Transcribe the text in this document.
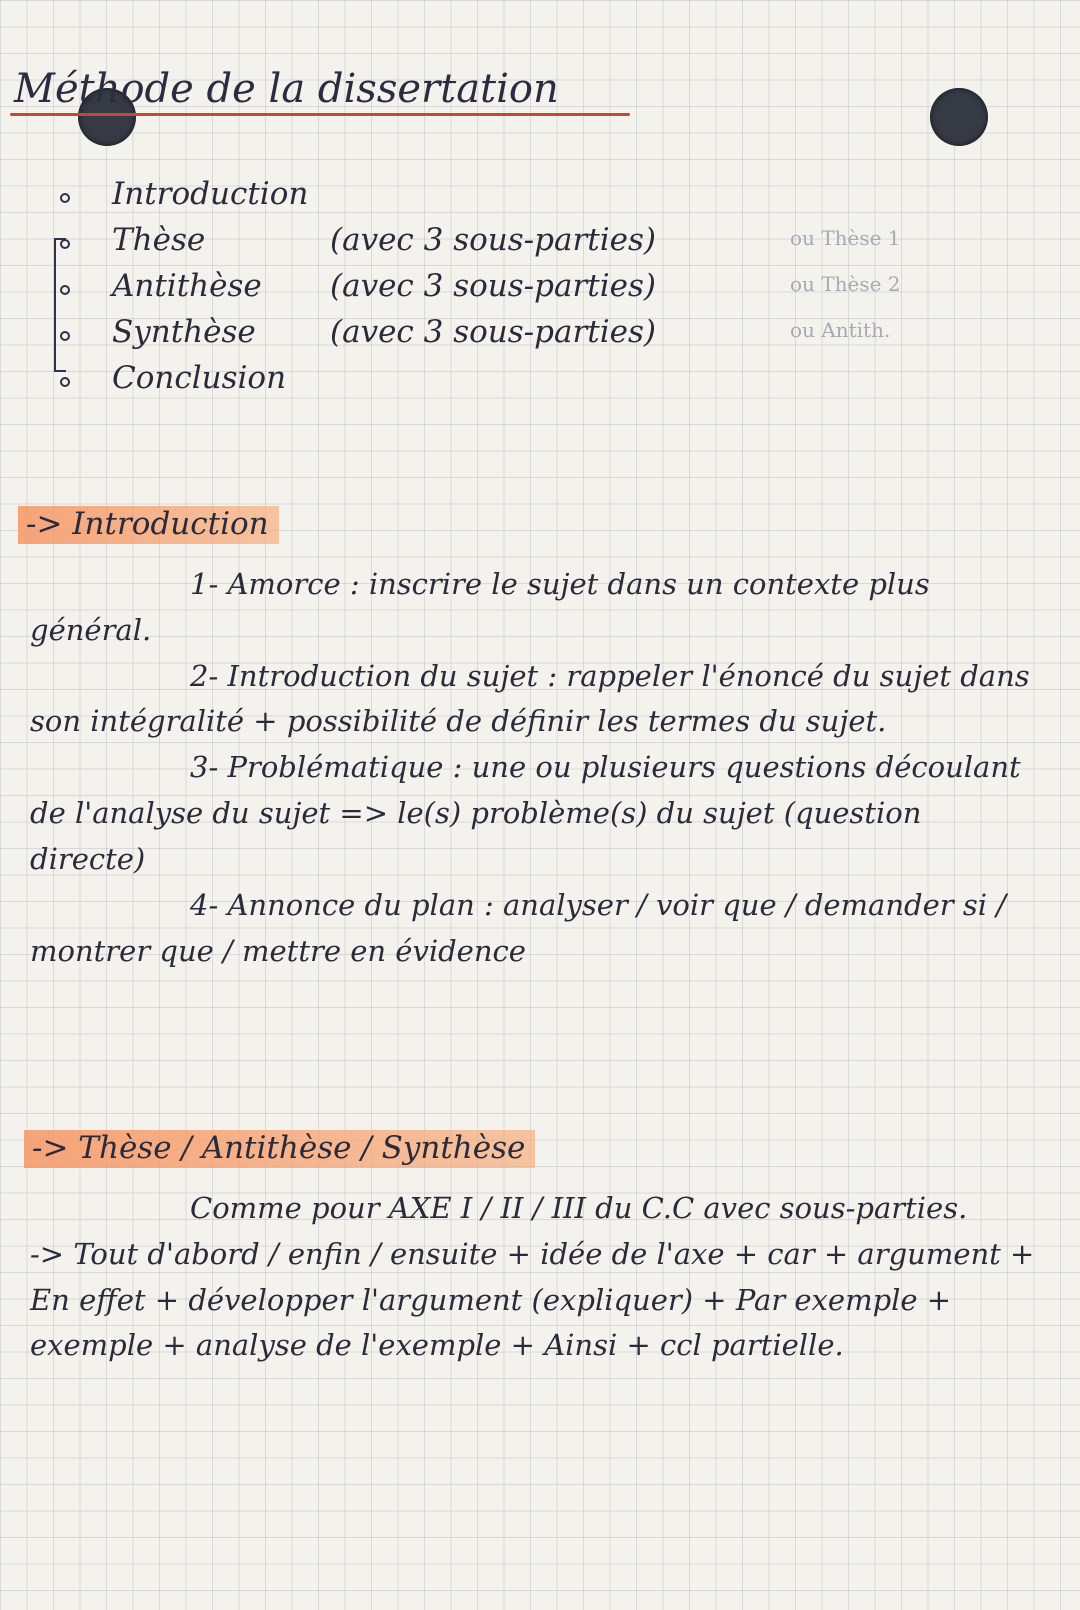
Méthode de la dissertation
Introduction
Thèse	(avec 3 sous-parties)	ou Thèse 1
Antithèse (avec 3 sous-parties)	ou Thèse 2
Synthèse (avec 3 sous-parties)	ou Antith.
Conclusion
-> Introduction

1- Amorce : inscrire le sujet dans un contexte plus général.

2- Introduction du sujet : rappeler l'énoncé du sujet dans son intégralité + possibilité de définir les termes du sujet.

3- Problématique : une ou plusieurs questions découlant de l'analyse du sujet => le(s) problème(s) du sujet (question directe)

4- Annonce du plan : analyser / voir que / demander si / montrer que / mettre en évidence

-> Thèse / Antithèse / Synthèse

Comme pour AXE I / II / III du C.C avec sous-parties.

-> Tout d'abord / enfin / ensuite + idée de l'axe + car + argument + En effet + développer l'argument (expliquer) + Par exemple + exemple + analyse de l'exemple + Ainsi + ccl partielle.
